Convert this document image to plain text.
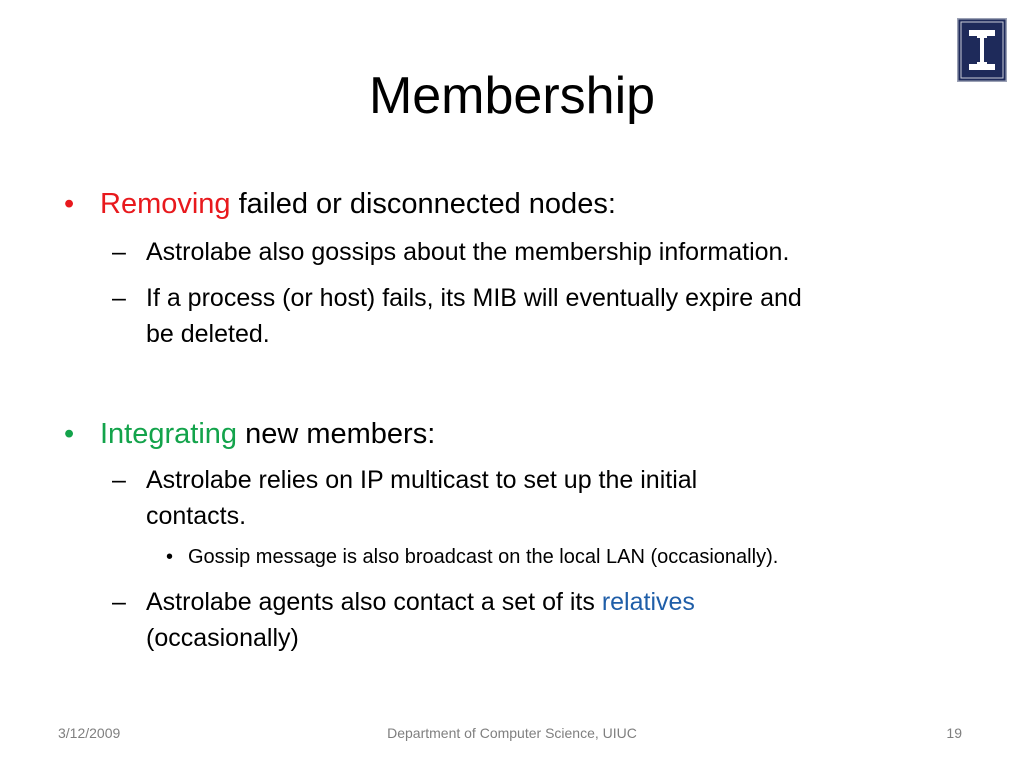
Membership
• Removing failed or disconnected nodes:
– Astrolabe also gossips about the membership information.
– If a process (or host) fails, its MIB will eventually expire and
be deleted.
• Integrating new members:
– Astrolabe relies on IP multicast to set up the initial
contacts.
• Gossip message is also broadcast on the local LAN (occasionally).
– Astrolabe agents also contact a set of its relatives
(occasionally)
3/12/2009	Department of Computer Science, UIUC	19
